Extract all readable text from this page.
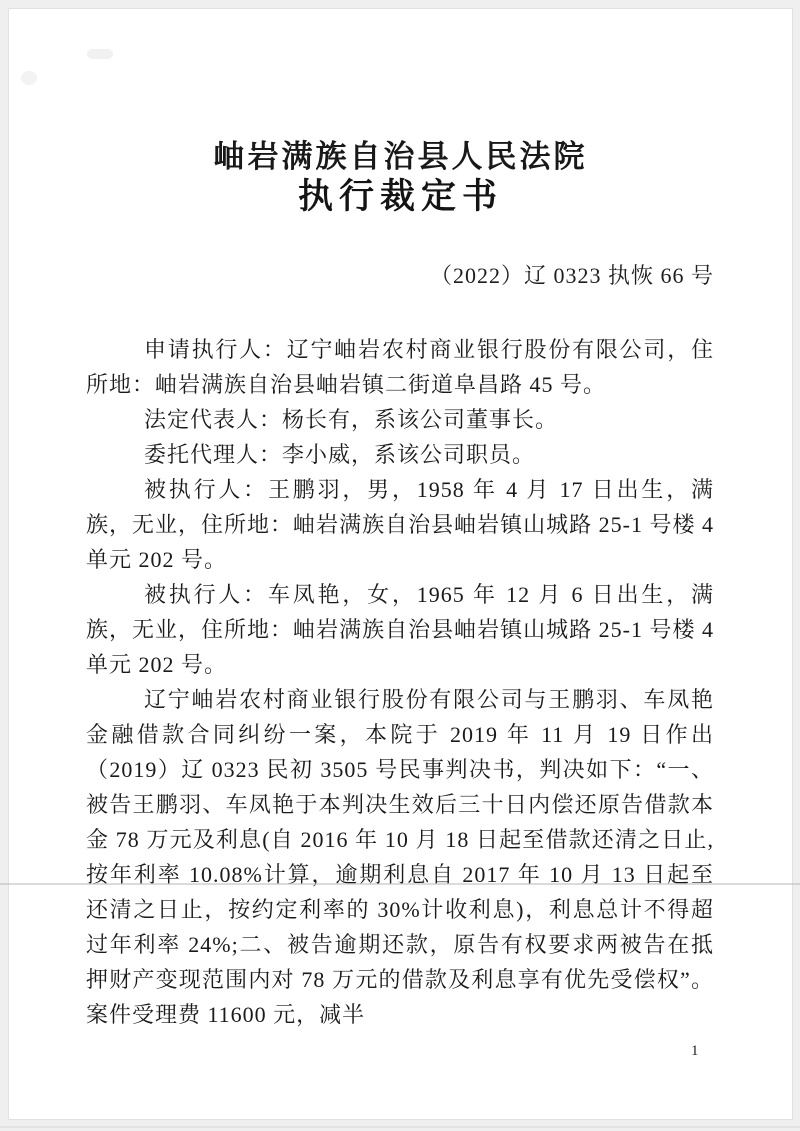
岫岩满族自治县人民法院
执行裁定书
（2022）辽 0323 执恢 66 号

申请执行人：辽宁岫岩农村商业银行股份有限公司，住所地：岫岩满族自治县岫岩镇二街道阜昌路 45 号。

法定代表人：杨长有，系该公司董事长。

委托代理人：李小威，系该公司职员。

被执行人：王鹏羽，男，1958 年 4 月 17 日出生，满族，无业，住所地：岫岩满族自治县岫岩镇山城路 25-1 号楼 4 单元 202 号。

被执行人：车凤艳，女，1965 年 12 月 6 日出生，满族，无业，住所地：岫岩满族自治县岫岩镇山城路 25-1 号楼 4 单元 202 号。

辽宁岫岩农村商业银行股份有限公司与王鹏羽、车凤艳金融借款合同纠纷一案，本院于 2019 年 11 月 19 日作出（2019）辽 0323 民初 3505 号民事判决书，判决如下：“一、被告王鹏羽、车凤艳于本判决生效后三十日内偿还原告借款本金 78 万元及利息(自 2016 年 10 月 18 日起至借款还清之日止,按年利率 10.08%计算，逾期利息自 2017 年 10 月 13 日起至还清之日止，按约定利率的 30%计收利息)，利息总计不得超过年利率 24%;二、被告逾期还款，原告有权要求两被告在抵押财产变现范围内对 78 万元的借款及利息享有优先受偿权”。案件受理费 11600 元，减半

1
